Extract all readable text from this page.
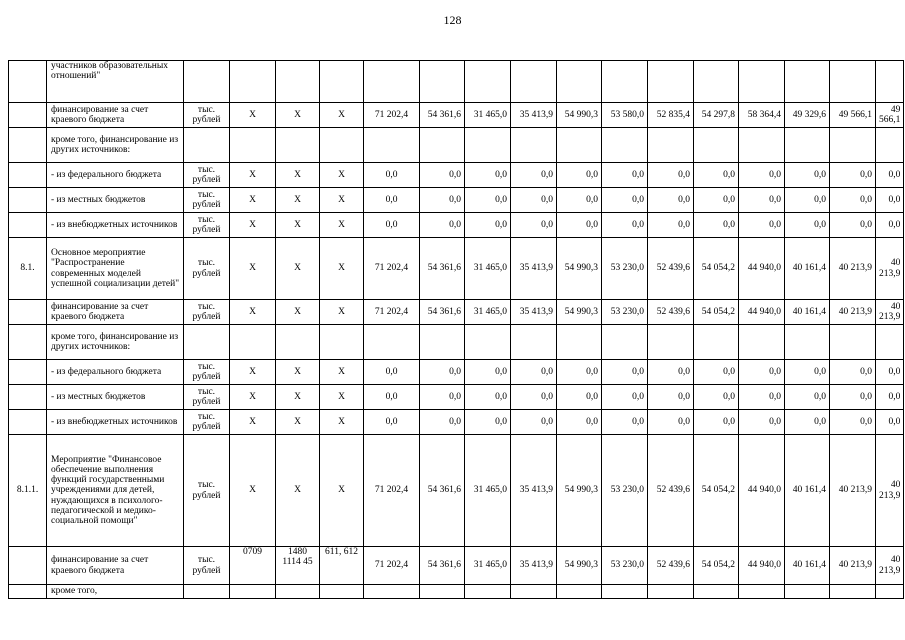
128
	участников образовательных отношений"																
	финансирование за счет краевого бюджета	тыс. рублей	Х	Х	Х	71 202,4	54 361,6	31 465,0	35 413,9	54 990,3	53 580,0	52 835,4	54 297,8	58 364,4	49 329,6	49 566,1	49 566,1
	кроме того, финансирование из других источников:																
	- из федерального бюджета	тыс. рублей	Х	Х	Х	0,0	0,0	0,0	0,0	0,0	0,0	0,0	0,0	0,0	0,0	0,0	0,0
	- из местных бюджетов	тыс. рублей	Х	Х	Х	0,0	0,0	0,0	0,0	0,0	0,0	0,0	0,0	0,0	0,0	0,0	0,0
	- из внебюджетных источников	тыс. рублей	Х	Х	Х	0,0	0,0	0,0	0,0	0,0	0,0	0,0	0,0	0,0	0,0	0,0	0,0
8.1.	Основное мероприятие "Распространение современных моделей успешной социализации детей"	тыс. рублей	Х	Х	Х	71 202,4	54 361,6	31 465,0	35 413,9	54 990,3	53 230,0	52 439,6	54 054,2	44 940,0	40 161,4	40 213,9	40 213,9
	финансирование за счет краевого бюджета	тыс. рублей	Х	Х	Х	71 202,4	54 361,6	31 465,0	35 413,9	54 990,3	53 230,0	52 439,6	54 054,2	44 940,0	40 161,4	40 213,9	40 213,9
	кроме того, финансирование из других источников:																
	- из федерального бюджета	тыс. рублей	Х	Х	Х	0,0	0,0	0,0	0,0	0,0	0,0	0,0	0,0	0,0	0,0	0,0	0,0
	- из местных бюджетов	тыс. рублей	Х	Х	Х	0,0	0,0	0,0	0,0	0,0	0,0	0,0	0,0	0,0	0,0	0,0	0,0
	- из внебюджетных источников	тыс. рублей	Х	Х	Х	0,0	0,0	0,0	0,0	0,0	0,0	0,0	0,0	0,0	0,0	0,0	0,0
8.1.1.	Мероприятие "Финансовое обеспечение выполнения функций государственными учреждениями для детей, нуждающихся в психолого-педагогической и медико-социальной помощи"	тыс. рублей	Х	Х	Х	71 202,4	54 361,6	31 465,0	35 413,9	54 990,3	53 230,0	52 439,6	54 054,2	44 940,0	40 161,4	40 213,9	40 213,9
	финансирование за счет краевого бюджета	тыс. рублей	0709	1480 1114 45	611, 612	71 202,4	54 361,6	31 465,0	35 413,9	54 990,3	53 230,0	52 439,6	54 054,2	44 940,0	40 161,4	40 213,9	40 213,9
	кроме того,																
